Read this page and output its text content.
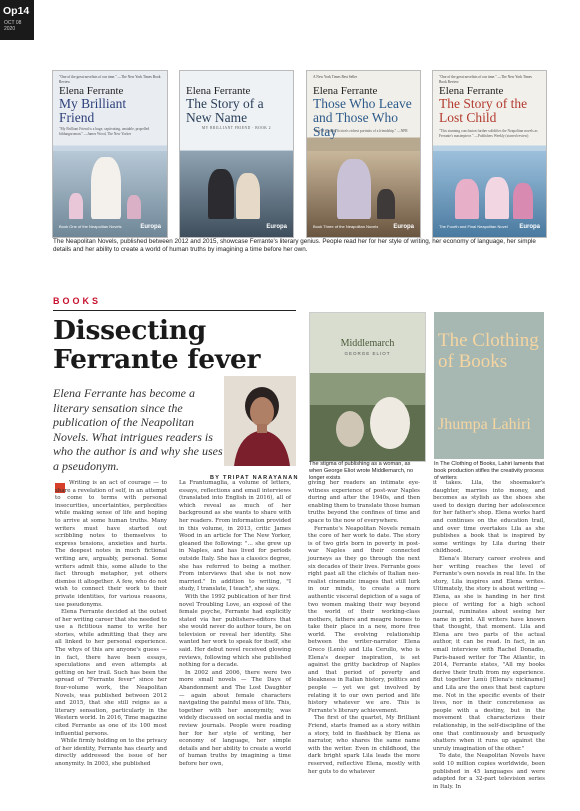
Op14
OCT 08
2020
"One of the great novelists of our time." —The New York Times Book Review
Elena Ferrante
My Brilliant Friend
"My Brilliant Friend is a huge, captivating, unstable, propelled bildungsroman." —James Wood, The New Yorker
Book One of the Neapolitan Novels	Europa
Elena Ferrante
The Story of a New Name
MY BRILLIANT FRIEND · BOOK 2
Europa
A New York Times Best Seller
Elena Ferrante
Those Who Leave and Those Who Stay
"One of modern fiction's richest portraits of a friendship." —NPR
Book Three of the Neapolitan Novels	Europa
"One of the great novelists of our time." —The New York Times Book Review
Elena Ferrante
The Story of the Lost Child
"This stunning conclusion further solidifies the Neapolitan novels as Ferrante's masterpiece." —Publishers Weekly (starred review)
The Fourth and Final Neapolitan Novel Europa
The Neapolitan Novels, published between 2012 and 2015, showcase Ferrante's literary genius. People read her for her style of writing, her economy of language, her simple details and her ability to create a world of human truths by imagining a time before her own.
BOOKS
Dissecting Ferrante fever
Elena Ferrante has become a literary sensation since the publication of the Neapolitan Novels. What intrigues readers is who the author is and why she uses a pseudonym.
BY TRIPAT NARAYANAN
Middlemarch
GEORGE ELIOT
The Clothing of Books
Jhumpa Lahiri
The stigma of publishing as a woman, as when George Eliot wrote Middlemarch, no longer exists
In The Clothing of Books, Lahiri laments that book production stifles the creativity process of writers

Writing is an act of courage — to share a revelation of self, in an attempt to come to terms with personal insecurities, uncertainties, perplexities while making sense of life and hoping to arrive at some human truths. Many writers must have started out scribbling notes to themselves to express tensions, anxieties and hurts. The deepest notes in much fictional writing are, arguably, personal. Some writers admit this, some allude to the fact through metaphor, yet others dismiss it altogether. A few, who do not wish to connect their work to their private identities, for various reasons, use pseudonyms.

Elena Ferrante decided at the outset of her writing career that she needed to use a fictitious name to write her stories, while admitting that they are all linked to her personal experience. The whys of this are anyone's guess — in fact, there have been essays, speculations and even attempts at getting on her trail. Such has been the spread of "Ferrante fever" since her four-volume work, the Neapolitan Novels, was published between 2012 and 2015, that she still reigns as a literary sensation, particularly in the Western world. In 2016, Time magazine cited Ferrante as one of its 100 most influential persons.

While firmly holding on to the privacy of her identity, Ferrante has clearly and directly addressed the issue of her anonymity. In 2003, she published

La Frantumaglia, a volume of letters, essays, reflections and email interviews (translated into English in 2016), all of which reveal as much of her background as she wants to share with her readers. From information provided in this volume, in 2013, critic James Wood in an article for The New Yorker, gleaned the following: "... she grew up in Naples, and has lived for periods outside Italy. She has a classics degree, she has referred to being a mother. From interviews that she is not now married." In addition to writing, "I study, I translate, I teach", she says.

With the 1992 publication of her first novel Troubling Love, an exposé of the female psyche, Ferrante had explicitly stated via her publishers-editors that she would never do author tours, be on television or reveal her identity. She wanted her work to speak for itself, she said. Her debut novel received glowing reviews, following which she published nothing for a decade.

In 2002 and 2006, there were two more small novels — The Days of Abandonment and The Lost Daughter — again about female characters navigating the painful mess of life. This, together with her anonymity, was widely discussed on social media and in review journals. People were reading her for her style of writing, her economy of language, her simple details and her ability to create a world of human truths by imagining a time before her own,

giving her readers an intimate eye-witness experience of post-war Naples during and after the 1940s, and then enabling them to translate those human truths beyond the confines of time and space to the now of everywhere.

Ferrante's Neapolitan Novels remain the core of her work to date. The story is of two girls born in poverty in post-war Naples and their connected journeys as they go through the next six decades of their lives. Ferrante goes right past all the clichés of Italian neo-realist cinematic images that still lurk in our minds, to create a more authentic visceral depiction of a saga of two women making their way beyond the world of their working-class mothers, fathers and meagre homes to take their place in a new, more free world. The evolving relationship between the writer-narrator Elena Greco (Lenù) and Lila Cerullo, who is Elena's deeper inspiration, is set against the gritty backdrop of Naples and that period of poverty and bleakness in Italian history, politics and people — yet we get involved by relating it to our own period and life history whatever we are. This is Ferrante's literary achievement.

The first of the quartet, My Brilliant Friend, starts framed as a story within a story, told in flashback by Elena as narrator, who shares the same name with the writer. Even in childhood, the dark bright spark Lila leads the more reserved, reflective Elena, mostly with her guts to do whatever

it takes. Lila, the shoemaker's daughter, marries into money, and becomes as stylish as the shoes she used to design during her adolescence for her father's shop. Elena works hard and continues on the education trail, and over time overtakes Lila as she publishes a book that is inspired by some writings by Lila during their childhood.

Elena's literary career evolves and her writing reaches the level of Ferrante's own novels in real life. In the story, Lila inspires and Elena writes. Ultimately, the story is about writing — Elena, as she is handing in her first piece of writing for a high school journal, ruminates about seeing her name in print. All writers have known that thought, that moment. Lila and Elena are two parts of the actual author, it can be read. In fact, in an email interview with Rachel Donadio, Paris-based writer for The Atlantic, in 2014, Ferrante states, "All my books derive their truth from my experience. But together Lenù [Elena's nickname] and Lila are the ones that best capture me. Not in the specific events of their lives, nor in their concreteness as people with a destiny, but in the movement that characterizes their relationship, in the self-discipline of the one that continuously and brusquely shatters when it runs up against the unruly imagination of the other."

To date, the Neapolitan Novels have sold 10 million copies worldwide, been published in 45 languages and were adapted for a 32-part television series in Italy. In
